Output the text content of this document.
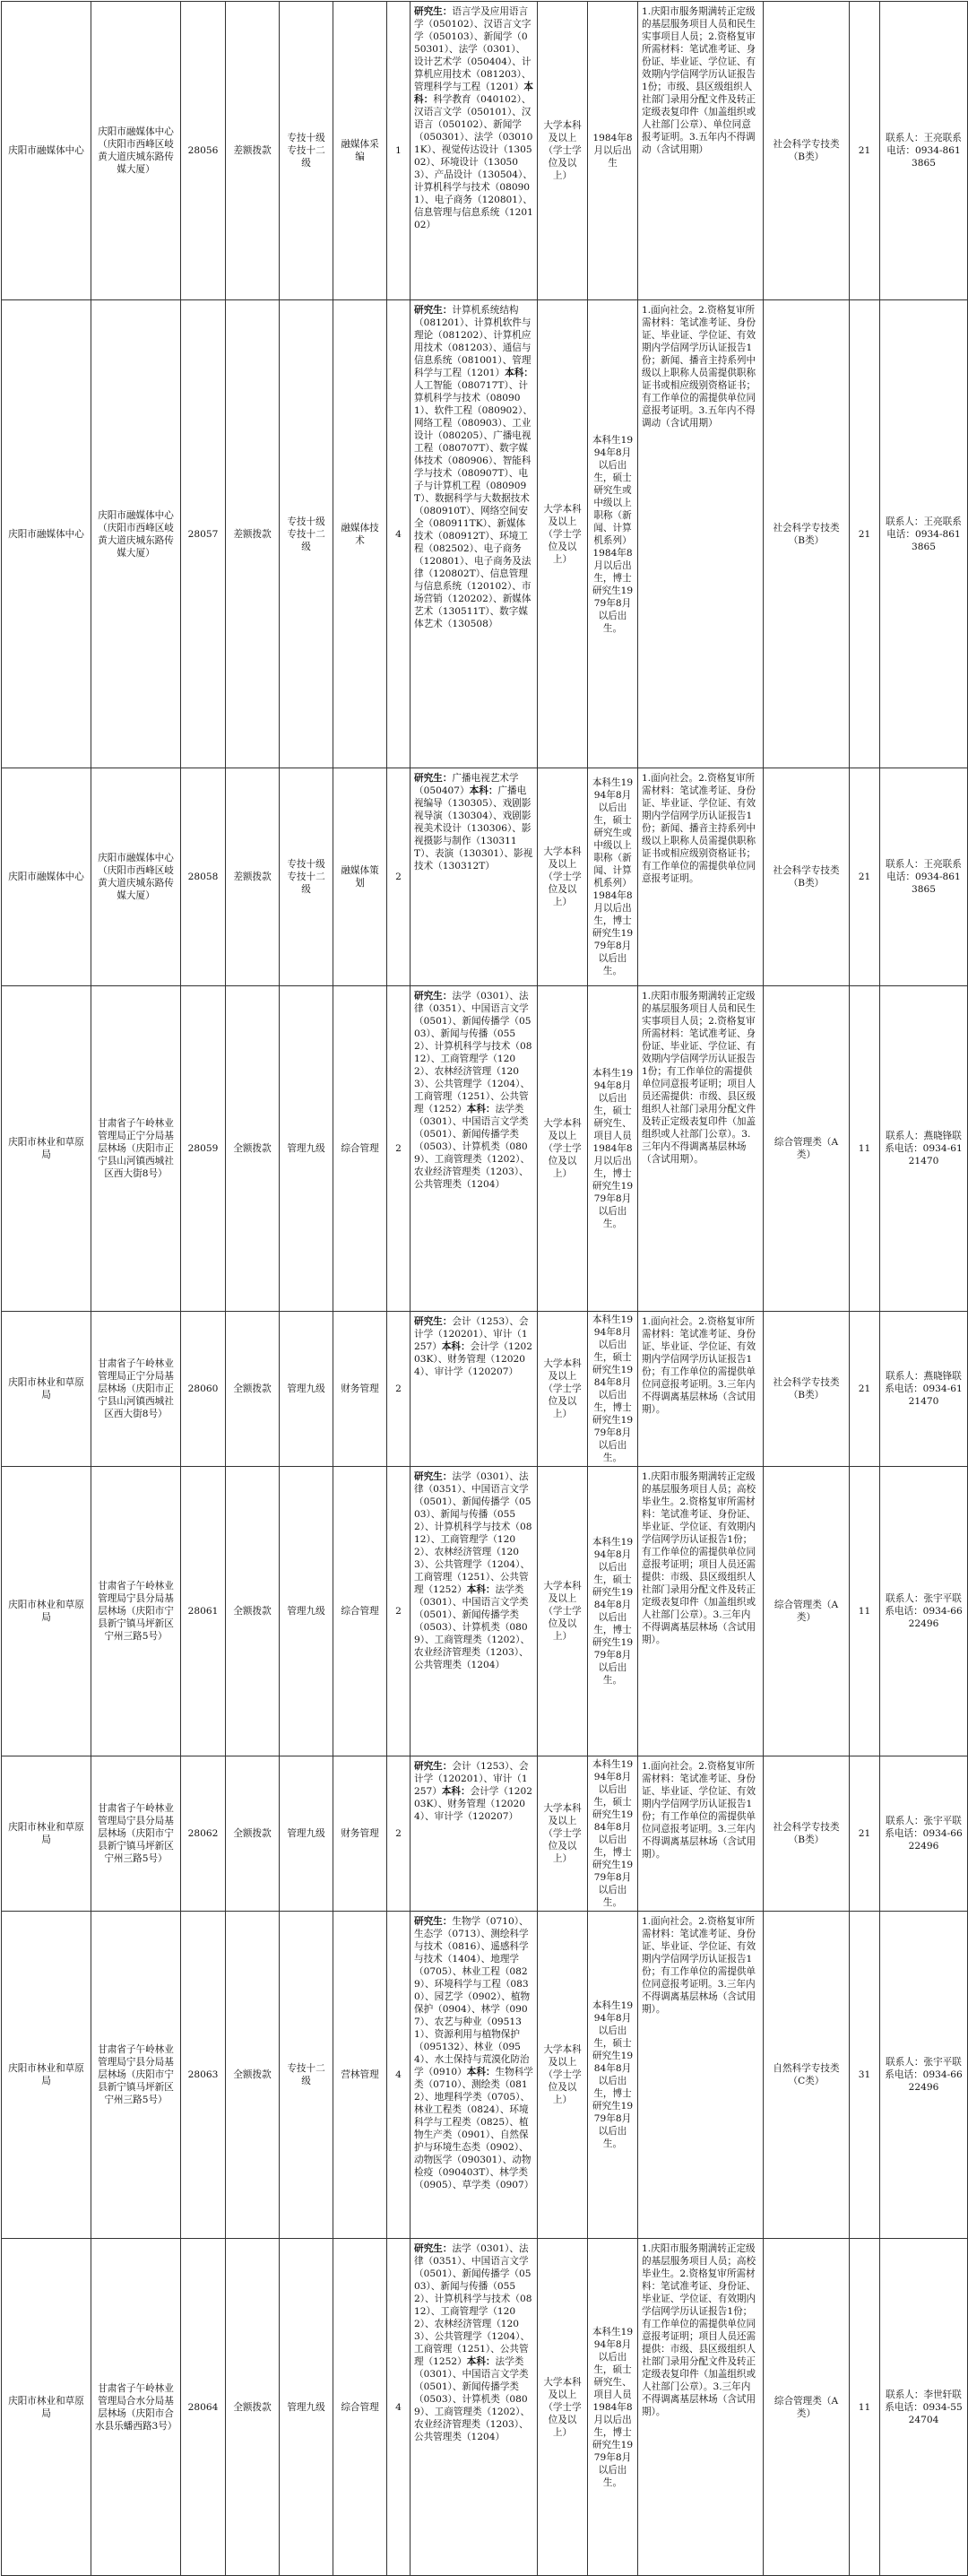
庆阳市融媒体中心	庆阳市融媒体中心（庆阳市西峰区岐黄大道庆城东路传媒大厦）	28056	差额拨款	专技十级专技十二级	融媒体采编	1	研究生：语言学及应用语言学（050102）、汉语言文字学（050103）、新闻学（050301）、法学（0301）、设计艺术学（050404）、计算机应用技术（081203）、管理科学与工程（1201）本科：科学教育（040102）、汉语言文学（050101）、汉语言（050102）、新闻学（050301）、法学（030101K）、视觉传达设计（130502）、环境设计（130503）、产品设计（130504）、计算机科学与技术（080901）、电子商务（120801）、信息管理与信息系统（120102）	大学本科及以上（学士学位及以上）	1984年8月以后出生	1.庆阳市服务期满转正定级的基层服务项目人员和民生实事项目人员；2.资格复审所需材料：笔试准考证、身份证、毕业证、学位证、有效期内学信网学历认证报告1份；市级、县区级组织人社部门录用分配文件及转正定级表复印件（加盖组织或人社部门公章）、单位同意报考证明。3.五年内不得调动（含试用期）	社会科学专技类（B类）	21	联系人：王亮联系电话：0934-8613865
庆阳市融媒体中心	庆阳市融媒体中心（庆阳市西峰区岐黄大道庆城东路传媒大厦）	28057	差额拨款	专技十级专技十二级	融媒体技术	4	研究生：计算机系统结构（081201）、计算机软件与理论（081202）、计算机应用技术（081203）、通信与信息系统（081001）、管理科学与工程（1201）本科：人工智能（080717T）、计算机科学与技术（080901）、软件工程（080902）、网络工程（080903）、工业设计（080205）、广播电视工程（080707T）、数字媒体技术（080906）、智能科学与技术（080907T）、电子与计算机工程（080909T）、数据科学与大数据技术（080910T）、网络空间安全（080911TK）、新媒体技术（080912T）、环境工程（082502）、电子商务（120801）、电子商务及法律（120802T）、信息管理与信息系统（120102）、市场营销（120202）、新媒体艺术（130511T）、数字媒体艺术（130508）	大学本科及以上（学士学位及以上）	本科生1994年8月以后出生，硕士研究生或中级以上职称（新闻、计算机系列）1984年8月以后出生，博士研究生1979年8月以后出生。	1.面向社会。2.资格复审所需材料：笔试准考证、身份证、毕业证、学位证、有效期内学信网学历认证报告1份；新闻、播音主持系列中级以上职称人员需提供职称证书或相应级别资格证书；有工作单位的需提供单位同意报考证明。3.五年内不得调动（含试用期）	社会科学专技类（B类）	21	联系人：王亮联系电话：0934-8613865
庆阳市融媒体中心	庆阳市融媒体中心（庆阳市西峰区岐黄大道庆城东路传媒大厦）	28058	差额拨款	专技十级专技十二级	融媒体策划	2	研究生：广播电视艺术学（050407）本科：广播电视编导（130305）、戏剧影视导演（130304）、戏剧影视美术设计（130306）、影视摄影与制作（130311T）、表演（130301）、影视技术（130312T）	大学本科及以上（学士学位及以上）	本科生1994年8月以后出生，硕士研究生或中级以上职称（新闻、计算机系列）1984年8月以后出生，博士研究生1979年8月以后出生。	1.面向社会。2.资格复审所需材料：笔试准考证、身份证、毕业证、学位证、有效期内学信网学历认证报告1份；新闻、播音主持系列中级以上职称人员需提供职称证书或相应级别资格证书；有工作单位的需提供单位同意报考证明。	社会科学专技类（B类）	21	联系人：王亮联系电话：0934-8613865
庆阳市林业和草原局	甘肃省子午岭林业管理局正宁分局基层林场（庆阳市正宁县山河镇西城社区西大街8号）	28059	全额拨款	管理九级	综合管理	2	研究生：法学（0301）、法律（0351）、中国语言文学（0501）、新闻传播学（0503）、新闻与传播（0552）、计算机科学与技术（0812）、工商管理学（1202）、农林经济管理（1203）、公共管理学（1204）、工商管理（1251）、公共管理（1252）本科：法学类（0301）、中国语言文学类（0501）、新闻传播学类（0503）、计算机类（0809）、工商管理类（1202）、农业经济管理类（1203）、公共管理类（1204）	大学本科及以上（学士学位及以上）	本科生1994年8月以后出生，硕士研究生、项目人员1984年8月以后出生，博士研究生1979年8月以后出生。	1.庆阳市服务期满转正定级的基层服务项目人员和民生实事项目人员；2.资格复审所需材料：笔试准考证、身份证、毕业证、学位证、有效期内学信网学历认证报告1份；有工作单位的需提供单位同意报考证明；项目人员还需提供：市级、县区级组织人社部门录用分配文件及转正定级表复印件（加盖组织或人社部门公章）。3.三年内不得调离基层林场（含试用期）。	综合管理类（A类）	11	联系人：燕晓锋联系电话：0934-6121470
庆阳市林业和草原局	甘肃省子午岭林业管理局正宁分局基层林场（庆阳市正宁县山河镇西城社区西大街8号）	28060	全额拨款	管理九级	财务管理	2	研究生：会计（1253）、会计学（120201）、审计（1257）本科：会计学（120203K）、财务管理（120204）、审计学（120207）	大学本科及以上（学士学位及以上）	本科生1994年8月以后出生，硕士研究生1984年8月以后出生，博士研究生1979年8月以后出生。	1.面向社会。2.资格复审所需材料：笔试准考证、身份证、毕业证、学位证、有效期内学信网学历认证报告1份；有工作单位的需提供单位同意报考证明。3.三年内不得调离基层林场（含试用期）。	社会科学专技类（B类）	21	联系人：燕晓锋联系电话：0934-6121470
庆阳市林业和草原局	甘肃省子午岭林业管理局宁县分局基层林场（庆阳市宁县新宁镇马坪新区宁州三路5号）	28061	全额拨款	管理九级	综合管理	2	研究生：法学（0301）、法律（0351）、中国语言文学（0501）、新闻传播学（0503）、新闻与传播（0552）、计算机科学与技术（0812）、工商管理学（1202）、农林经济管理（1203）、公共管理学（1204）、工商管理（1251）、公共管理（1252）本科：法学类（0301）、中国语言文学类（0501）、新闻传播学类（0503）、计算机类（0809）、工商管理类（1202）、农业经济管理类（1203）、公共管理类（1204）	大学本科及以上（学士学位及以上）	本科生1994年8月以后出生，硕士研究生1984年8月以后出生，博士研究生1979年8月以后出生。	1.庆阳市服务期满转正定级的基层服务项目人员；高校毕业生。2.资格复审所需材料：笔试准考证、身份证、毕业证、学位证、有效期内学信网学历认证报告1份；有工作单位的需提供单位同意报考证明；项目人员还需提供：市级、县区级组织人社部门录用分配文件及转正定级表复印件（加盖组织或人社部门公章）。3.三年内不得调离基层林场（含试用期）。	综合管理类（A类）	11	联系人：张宇平联系电话：0934-6622496
庆阳市林业和草原局	甘肃省子午岭林业管理局宁县分局基层林场（庆阳市宁县新宁镇马坪新区宁州三路5号）	28062	全额拨款	管理九级	财务管理	2	研究生：会计（1253）、会计学（120201）、审计（1257）本科：会计学（120203K）、财务管理（120204）、审计学（120207）	大学本科及以上（学士学位及以上）	本科生1994年8月以后出生，硕士研究生1984年8月以后出生，博士研究生1979年8月以后出生。	1.面向社会。2.资格复审所需材料：笔试准考证、身份证、毕业证、学位证、有效期内学信网学历认证报告1份；有工作单位的需提供单位同意报考证明。3.三年内不得调离基层林场（含试用期）。	社会科学专技类（B类）	21	联系人：张宇平联系电话：0934-6622496
庆阳市林业和草原局	甘肃省子午岭林业管理局宁县分局基层林场（庆阳市宁县新宁镇马坪新区宁州三路5号）	28063	全额拨款	专技十二级	营林管理	4	研究生：生物学（0710）、生态学（0713）、测绘科学与技术（0816）、遥感科学与技术（1404）、地理学（0705）、林业工程（0829）、环境科学与工程（0830）、园艺学（0902）、植物保护（0904）、林学（0907）、农艺与种业（095131）、资源利用与植物保护（095132）、林业（0954）、水土保持与荒漠化防治学（0910）本科：生物科学类（0710）、测绘类（0812）、地理科学类（0705）、林业工程类（0824）、环境科学与工程类（0825）、植物生产类（0901）、自然保护与环境生态类（0902）、动物医学（090301）、动物检疫（090403T）、林学类（0905）、草学类（0907）	大学本科及以上（学士学位及以上）	本科生1994年8月以后出生，硕士研究生1984年8月以后出生，博士研究生1979年8月以后出生。	1.面向社会。2.资格复审所需材料：笔试准考证、身份证、毕业证、学位证、有效期内学信网学历认证报告1份；有工作单位的需提供单位同意报考证明。3.三年内不得调离基层林场（含试用期）。	自然科学专技类（C类）	31	联系人：张宇平联系电话：0934-6622496
庆阳市林业和草原局	甘肃省子午岭林业管理局合水分局基层林场（庆阳市合水县乐蟠西路3号）	28064	全额拨款	管理九级	综合管理	4	研究生：法学（0301）、法律（0351）、中国语言文学（0501）、新闻传播学（0503）、新闻与传播（0552）、计算机科学与技术（0812）、工商管理学（1202）、农林经济管理（1203）、公共管理学（1204）、工商管理（1251）、公共管理（1252）本科：法学类（0301）、中国语言文学类（0501）、新闻传播学类（0503）、计算机类（0809）、工商管理类（1202）、农业经济管理类（1203）、公共管理类（1204）	大学本科及以上（学士学位及以上）	本科生1994年8月以后出生，硕士研究生、项目人员1984年8月以后出生，博士研究生1979年8月以后出生。	1.庆阳市服务期满转正定级的基层服务项目人员；高校毕业生。2.资格复审所需材料：笔试准考证、身份证、毕业证、学位证、有效期内学信网学历认证报告1份；有工作单位的需提供单位同意报考证明；项目人员还需提供：市级、县区级组织人社部门录用分配文件及转正定级表复印件（加盖组织或人社部门公章）。3.三年内不得调离基层林场（含试用期）。	综合管理类（A类）	11	联系人：李世轩联系电话：0934-5524704
